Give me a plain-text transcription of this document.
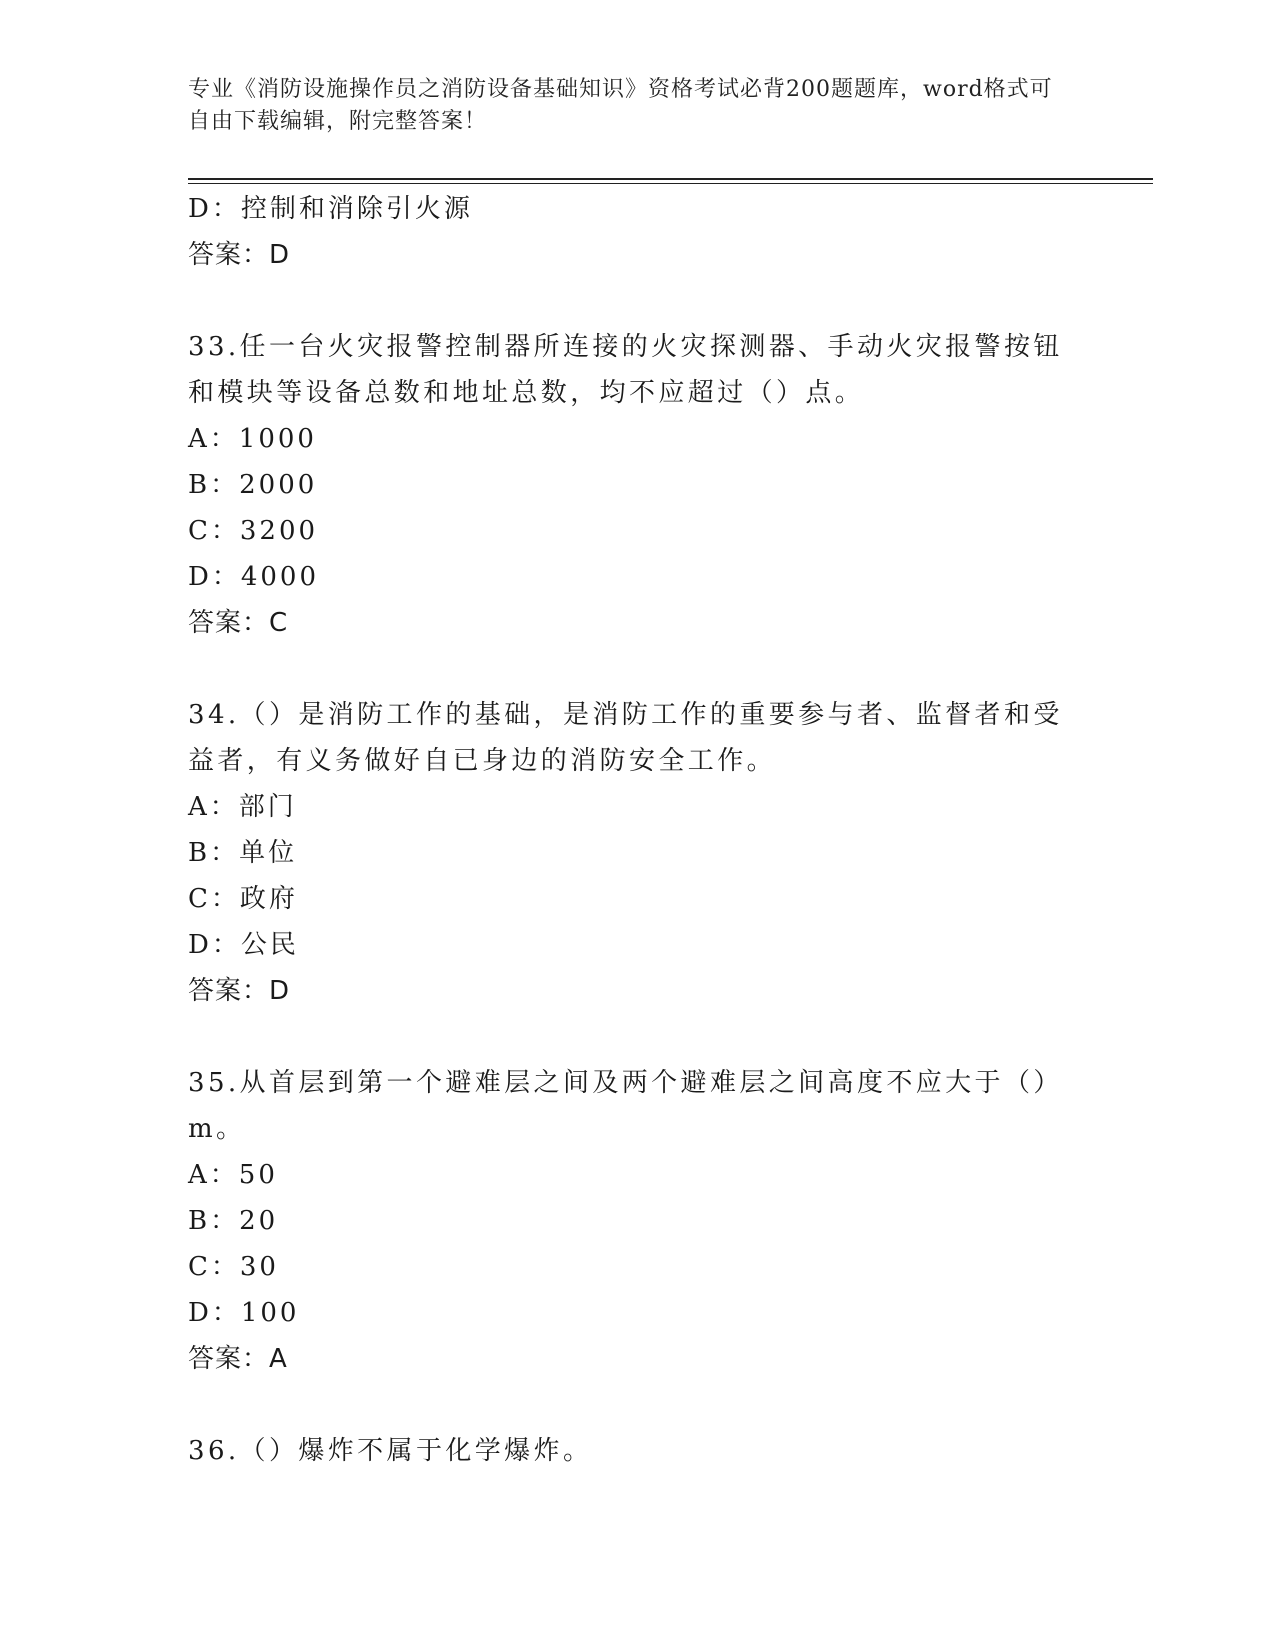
专业《消防设施操作员之消防设备基础知识》资格考试必背200题题库，word格式可自由下载编辑，附完整答案！
D：控制和消除引火源
答案：D
33.任一台火灾报警控制器所连接的火灾探测器、手动火灾报警按钮和模块等设备总数和地址总数，均不应超过（）点。
A：1000
B：2000
C：3200
D：4000
答案：C
34.（）是消防工作的基础，是消防工作的重要参与者、监督者和受益者，有义务做好自已身边的消防安全工作。
A：部门
B：单位
C：政府
D：公民
答案：D
35.从首层到第一个避难层之间及两个避难层之间高度不应大于（）m。
A：50
B：20
C：30
D：100
答案：A
36.（）爆炸不属于化学爆炸。
